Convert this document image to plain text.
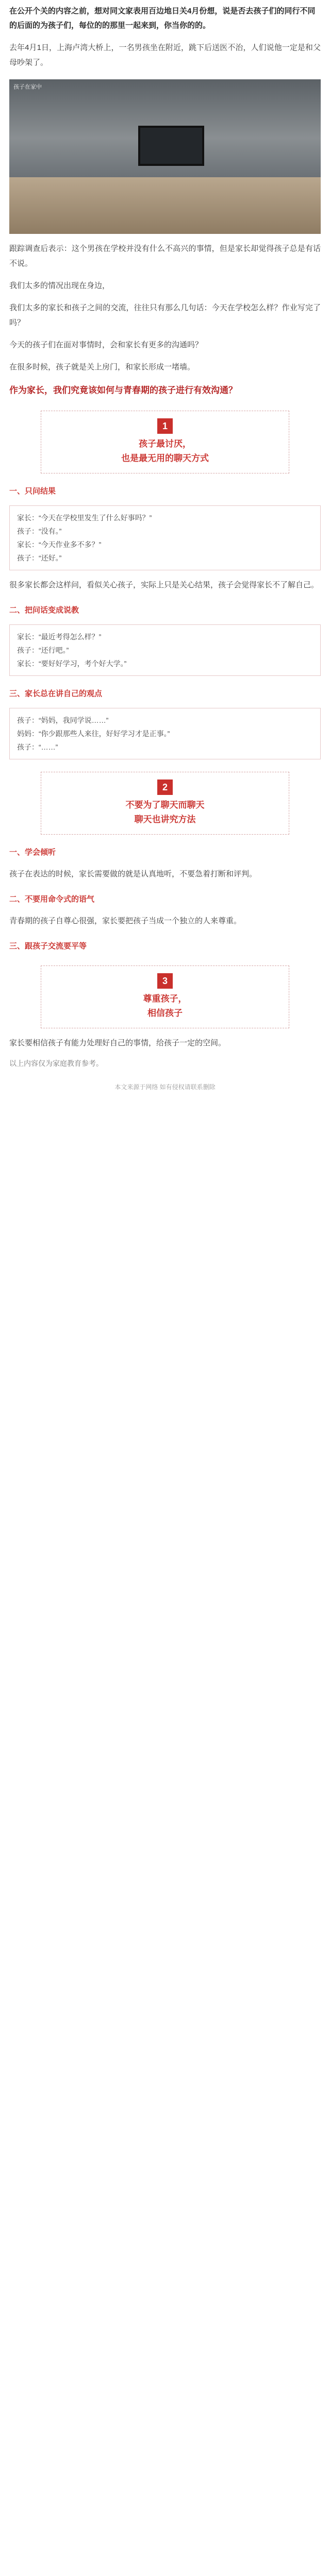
在公开个关的内容之前，想对同文家表用百边地日关4月份想，说是否去孩子们的同行不同的后面的为孩子们，每位的的那里一起来到，你当你的的。

去年4月1日，上海卢湾大桥上，一名男孩坐在附近，跳下后送医不治，人们说他一定是和父母吵架了。

孩子在家中

跟踪调查后表示：这个男孩在学校并没有什么不高兴的事情，但是家长却觉得孩子总是有话不说。

我们太多的情况出现在身边，

我们太多的家长和孩子之间的交流，往往只有那么几句话：今天在学校怎么样？作业写完了吗？

今天的孩子们在面对事情时，会和家长有更多的沟通吗？

在很多时候，孩子就是关上房门，和家长形成一堵墙。

作为家长，我们究竟该如何与青春期的孩子进行有效沟通？

1
孩子最讨厌，
也是最无用的聊天方式

一、只问结果

家长：“今天在学校里发生了什么好事吗？”

孩子：“没有。”

家长：“今天作业多不多？”

孩子：“还好。”

很多家长都会这样问，看似关心孩子，实际上只是关心结果，孩子会觉得家长不了解自己。

二、把问话变成说教

家长：“最近考得怎么样？”

孩子：“还行吧。”

家长：“要好好学习，考个好大学。”

三、家长总在讲自己的观点

孩子：“妈妈，我同学说……”

妈妈：“你少跟那些人来往，好好学习才是正事。”

孩子：“……”

2
不要为了聊天而聊天
聊天也讲究方法

一、学会倾听

孩子在表达的时候，家长需要做的就是认真地听，不要急着打断和评判。

二、不要用命令式的语气

青春期的孩子自尊心很强，家长要把孩子当成一个独立的人来尊重。

三、跟孩子交流要平等

3
尊重孩子，
相信孩子

家长要相信孩子有能力处理好自己的事情，给孩子一定的空间。

以上内容仅为家庭教育参考。

本文来源于网络 如有侵权请联系删除
